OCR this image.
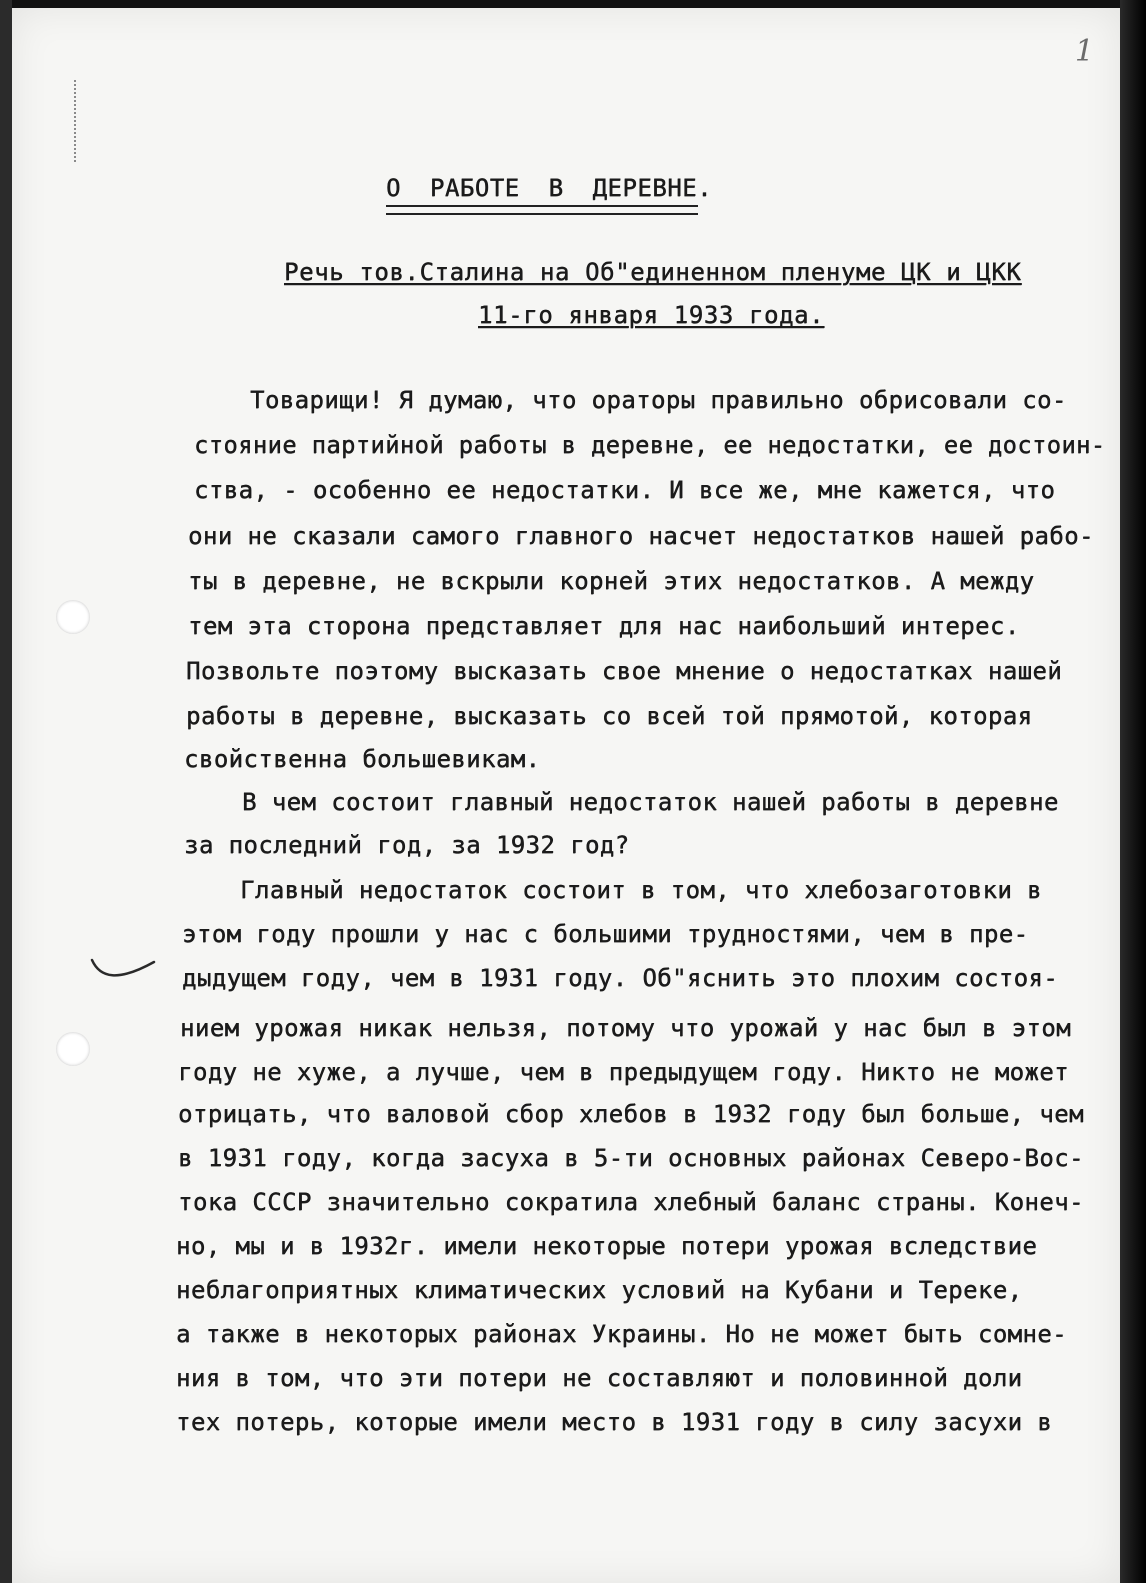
1
О РАБОТЕ В ДЕРЕВНЕ.
Речь тов.Сталина на Об"единенном пленуме ЦК и ЦКК
11-го января 1933 года.
Товарищи! Я думаю, что ораторы правильно обрисовали со-
стояние партийной работы в деревне, ее недостатки, ее достоин-
ства, - особенно ее недостатки. И все же, мне кажется, что
они не сказали самого главного насчет недостатков нашей рабо-
ты в деревне, не вскрыли корней этих недостатков. А между
тем эта сторона представляет для нас наибольший интерес.
Позвольте поэтому высказать свое мнение о недостатках нашей
работы в деревне, высказать со всей той прямотой, которая
свойственна большевикам.
В чем состоит главный недостаток нашей работы в деревне
за последний год, за 1932 год?
Главный недостаток состоит в том, что хлебозаготовки в
этом году прошли у нас с большими трудностями, чем в пре-
дыдущем году, чем в 1931 году. Об"яснить это плохим состоя-
нием урожая никак нельзя, потому что урожай у нас был в этом
году не хуже, а лучше, чем в предыдущем году. Никто не может
отрицать, что валовой сбор хлебов в 1932 году был больше, чем
в 1931 году, когда засуха в 5-ти основных районах Северо-Вос-
тока СССР значительно сократила хлебный баланс страны. Конеч-
но, мы и в 1932г. имели некоторые потери урожая вследствие
неблагоприятных климатических условий на Кубани и Тереке,
а также в некоторых районах Украины. Но не может быть сомне-
ния в том, что эти потери не составляют и половинной доли
тех потерь, которые имели место в 1931 году в силу засухи в
